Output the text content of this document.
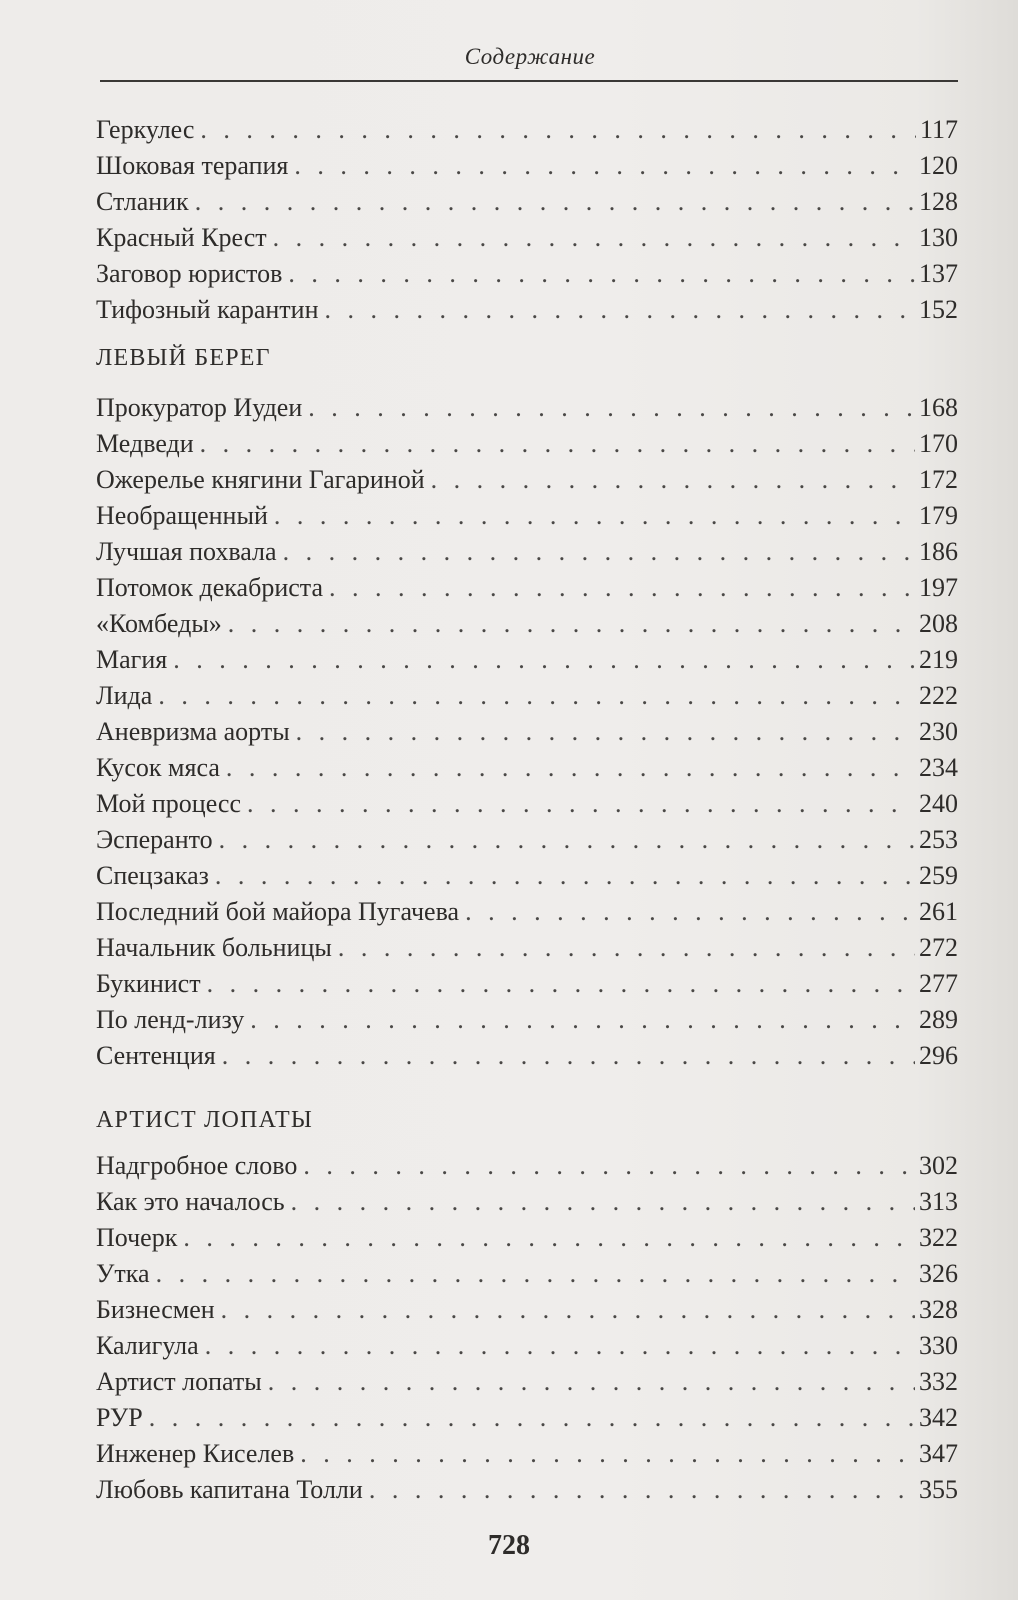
Содержание
Геркулес . . .	117
Шоковая терапия . . .	120
Стланик . . .	128
Красный Крест . . .	130
Заговор юристов . . .	137
Тифозный карантин . . .	152
ЛЕВЫЙ БЕРЕГ
Прокуратор Иудеи . . .	168
Медведи . . .	170
Ожерелье княгини Гагариной . . .	172
Необращенный . . .	179
Лучшая похвала . . .	186
Потомок декабриста . . .	197
«Комбеды» . . .	208
Магия . . .	219
Лида . . .	222
Аневризма аорты . . .	230
Кусок мяса . . .	234
Мой процесс . . .	240
Эсперанто . . .	253
Спецзаказ . . .	259
Последний бой майора Пугачева . . .	261
Начальник больницы . . .	272
Букинист . . .	277
По ленд-лизу . . .	289
Сентенция . . .	296
АРТИСТ ЛОПАТЫ
Надгробное слово . . .	302
Как это началось . . .	313
Почерк . . .	322
Утка . . .	326
Бизнесмен . . .	328
Калигула . . .	330
Артист лопаты . . .	332
РУР . . .	342
Инженер Киселев . . .	347
Любовь капитана Толли . . .	355
728
